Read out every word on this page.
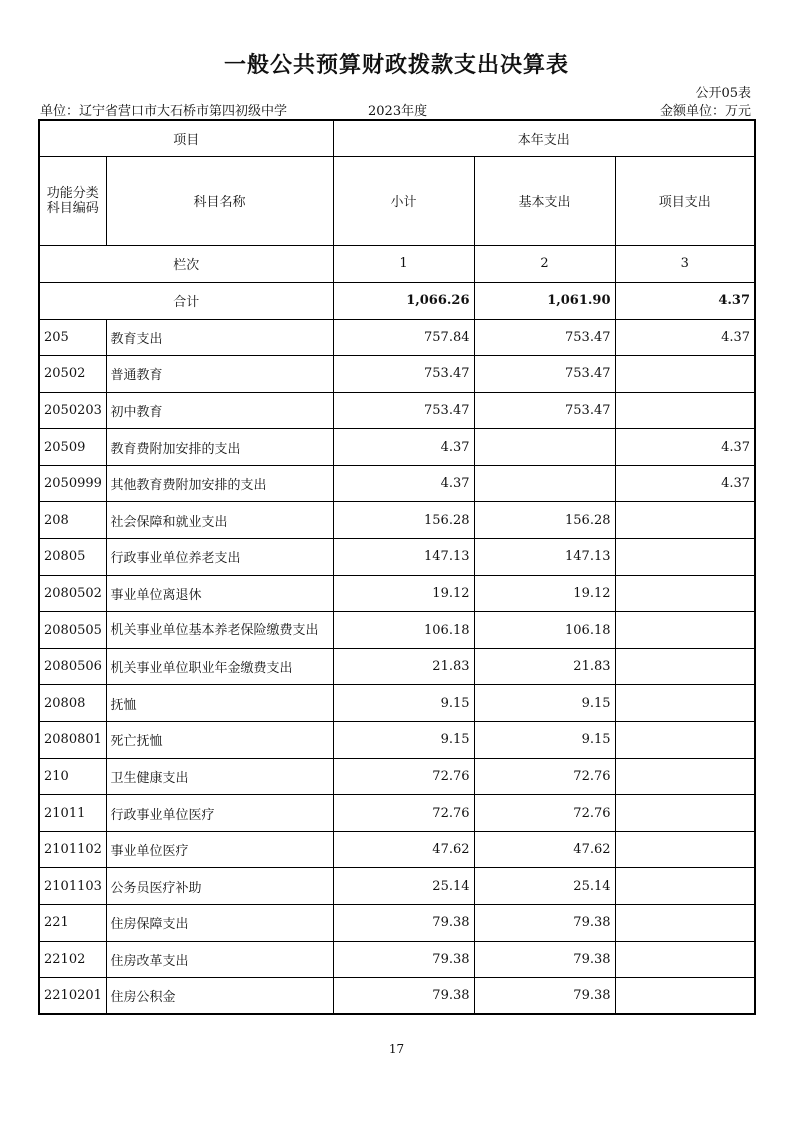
一般公共预算财政拨款支出决算表
公开05表
单位：辽宁省营口市大石桥市第四初级中学	2023年度	金额单位：万元
项目		本年支出		
功能分类科目编码	科目名称	小计	基本支出	项目支出
栏次		1	2	3
合计		1,066.26	1,061.90	4.37
205	教育支出	757.84	753.47	4.37
20502	普通教育	753.47	753.47	
2050203	初中教育	753.47	753.47	
20509	教育费附加安排的支出	4.37		4.37
2050999	其他教育费附加安排的支出	4.37		4.37
208	社会保障和就业支出	156.28	156.28	
20805	行政事业单位养老支出	147.13	147.13	
2080502	事业单位离退休	19.12	19.12	
2080505	机关事业单位基本养老保险缴费支出	106.18	106.18	
2080506	机关事业单位职业年金缴费支出	21.83	21.83	
20808	抚恤	9.15	9.15	
2080801	死亡抚恤	9.15	9.15	
210	卫生健康支出	72.76	72.76	
21011	行政事业单位医疗	72.76	72.76	
2101102	事业单位医疗	47.62	47.62	
2101103	公务员医疗补助	25.14	25.14	
221	住房保障支出	79.38	79.38	
22102	住房改革支出	79.38	79.38	
2210201	住房公积金	79.38	79.38	
17
